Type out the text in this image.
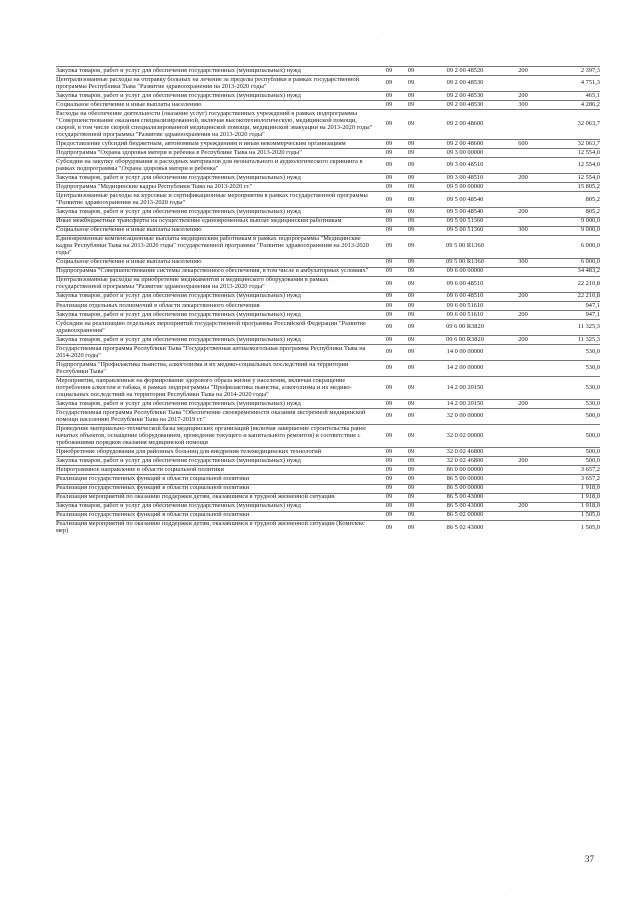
·
·
Закупка товаров, работ и услуг для обеспечения государственных (муниципальных) нужд	09	09	09 2 00 48520	200	2 397,3
Централизованные расходы на отправку больных на лечение за пределы республики в рамках государственной программы Республики Тыва "Развитие здравоохранения на 2013-2020 годы"	09	09	09 2 00 48530		4 751,3
Закупка товаров, работ и услуг для обеспечения государственных (муниципальных) нужд	09	09	09 2 00 48530	200	465,1
Социальное обеспечение и иные выплаты населению	09	09	09 2 00 48530	300	4 286,2
Расходы на обеспечение деятельности (оказание услуг) государственных учреждений в рамках подпрограммы "Совершенствование оказания специализированной, включая высокотехнологическую, медицинской помощи, скорой, в том числе скорой специализированной медицинской помощи, медицинской эвакуации на 2013-2020 годы" государственной программы "Развитие здравоохранения на 2013-2020 годы"	09	09	09 2 00 48600		32 063,7
Предоставление субсидий бюджетным, автономным учреждениям и иным некоммерческим организациям	09	09	09 2 00 48600	600	32 063,7
Подпрограмма "Охрана здоровья матери и ребенка в Республике Тыва на 2013-2020 годы"	09	09	09 3 00 00000		12 554,0
Субсидии на закупку оборудования и расходных материалов для неонатального и аудиологического скрининга в рамках подпрограммы "Охрана здоровья матери и ребенка"	09	09	09 3 00 48510		12 554,0
Закупка товаров, работ и услуг для обеспечения государственных (муниципальных) нужд	09	09	09 3 00 48510	200	12 554,0
Подпрограмма "Медицинские кадры Республики Тыва на 2013-2020 гг."	09	09	09 5 00 00000		15 805,2
Централизованные расходы на курсовые и сертификационные мероприятия в рамках государственной программы "Развитие здравоохранения на 2013-2020 годы"	09	09	09 5 00 48540		805,2
Закупка товаров, работ и услуг для обеспечения государственных (муниципальных) нужд	09	09	09 5 00 48540	200	805,2
Иные межбюджетные трансферты на осуществление единовременных выплат медицинским работникам	09	09	09 5 00 51360		9 000,0
Социальное обеспечение и иные выплаты населению	09	09	09 5 00 51360	300	9 000,0
Единовременные компенсационные выплаты медицинским работникам в рамках подпрограммы "Медицинские кадры Республики Тыва на 2013-2020 годы" государственной программы "Развитие здравоохранения на 2013-2020 годы"	09	09	09 5 00 R1360		6 000,0
Социальное обеспечение и иные выплаты населению	09	09	09 5 00 R1360	300	6 000,0
Подпрограмма "Совершенствование системы лекарственного обеспечения, в том числе в амбулаторных условиях"	09	09	09 6 00 00000		34 483,2
Централизованные расходы на приобретение медикаментов и медицинского оборудования в рамках государственной программы "Развитие здравоохранения на 2013-2020 годы"	09	09	09 6 00 48510		22 210,8
Закупка товаров, работ и услуг для обеспечения государственных (муниципальных) нужд	09	09	09 6 00 48510	200	22 210,8
Реализация отдельных полномочий в области лекарственного обеспечения	09	09	09 6 00 51610		947,1
Закупка товаров, работ и услуг для обеспечения государственных (муниципальных) нужд	09	09	09 6 00 51610	200	947,1
Субсидии на реализацию отдельных мероприятий государственной программы Российской Федерации "Развитие здравоохранения"	09	09	09 6 00 R3820		11 325,3
Закупка товаров, работ и услуг для обеспечения государственных (муниципальных) нужд	09	09	09 6 00 R3820	200	11 325,3
Государственная программа Республики Тыва "Государственная антиалкогольная программа Республики Тыва на 2014-2020 годы"	09	09	14 0 00 00000		530,0
Подпрограмма "Профилактика пьянства, алкоголизма и их медико-социальных последствий на территории Республики Тыва"	09	09	14 2 00 00000		530,0
Мероприятия, направленные на формирование здорового образа жизни у населения, включая сокращение потребления алкоголя и табака, в рамках подпрограммы "Профилактика пьянства, алкоголизма и их медико-социальных последствий на территории Республики Тыва на 2014-2020 годы"	09	09	14 2 00 20150		530,0
Закупка товаров, работ и услуг для обеспечения государственных (муниципальных) нужд	09	09	14 2 00 20150	200	530,0
Государственная программа Республики Тыва "Обеспечение своевременности оказания экстренной медицинской помощи населению Республики Тыва на 2017-2019 гг."	09	09	32 0 00 00000		500,0
Проведение материально-технической базы медицинских организаций (включая завершение строительства ранее начатых объектов, оснащение оборудованием, проведение текущего и капитального ремонтов) в соответствие с требованиями порядков оказания медицинской помощи	09	09	32 0 02 00000		500,0
Приобретение оборудования для районных больниц для внедрения телемедицинских технологий	09	09	32 0 02 46800		500,0
Закупка товаров, работ и услуг для обеспечения государственных (муниципальных) нужд	09	09	32 0 02 46800	200	500,0
Непрограммное направление в области социальной политики	09	09	86 0 00 00000		3 657,2
Реализация государственных функций в области социальной политики	09	09	86 5 00 00000		3 657,2
Реализация государственных функций в области социальной политики	09	09	86 5 00 00000		1 918,0
Реализация мероприятий по оказанию поддержки детям, оказавшимся в трудной жизненной ситуации	09	09	86 5 00 43000		1 918,0
Закупка товаров, работ и услуг для обеспечения государственных (муниципальных) нужд	09	09	86 5 00 43000	200	1 918,0
Реализация государственных функций в области социальной политики	09	09	86 5 02 00000		1 505,0
Реализация мероприятий по оказанию поддержки детям, оказавшимся в трудной жизненной ситуации (Комплекс мер)	09	09	86 5 02 43000		1 505,0
37
